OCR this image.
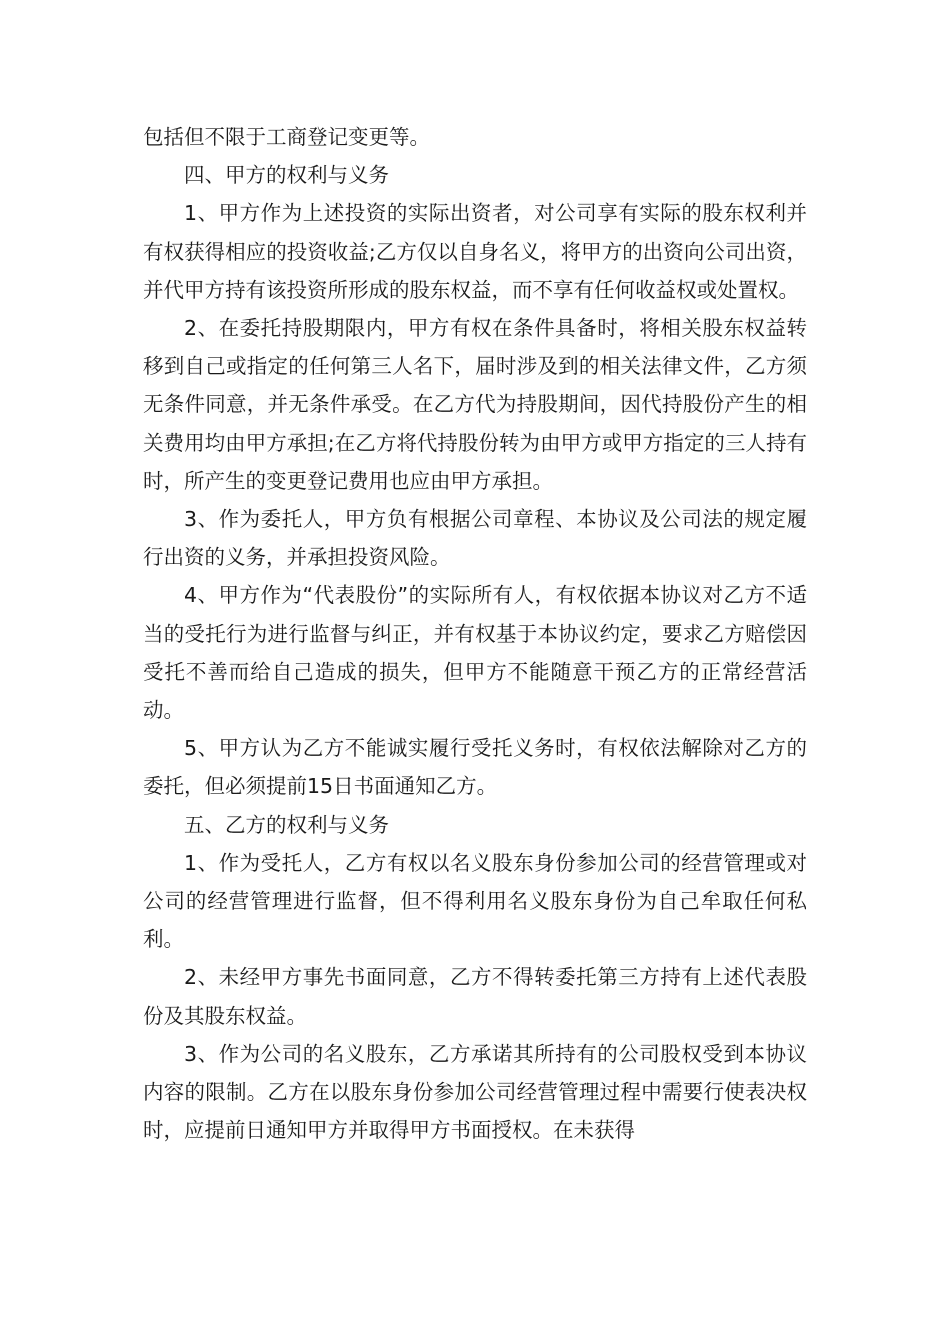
包括但不限于工商登记变更等。

四、甲方的权利与义务

1、甲方作为上述投资的实际出资者，对公司享有实际的股东权利并有权获得相应的投资收益;乙方仅以自身名义，将甲方的出资向公司出资，并代甲方持有该投资所形成的股东权益，而不享有任何收益权或处置权。

2、在委托持股期限内，甲方有权在条件具备时，将相关股东权益转移到自己或指定的任何第三人名下，届时涉及到的相关法律文件，乙方须无条件同意，并无条件承受。在乙方代为持股期间，因代持股份产生的相关费用均由甲方承担;在乙方将代持股份转为由甲方或甲方指定的三人持有时，所产生的变更登记费用也应由甲方承担。

3、作为委托人，甲方负有根据公司章程、本协议及公司法的规定履行出资的义务，并承担投资风险。

4、甲方作为“代表股份”的实际所有人，有权依据本协议对乙方不适当的受托行为进行监督与纠正，并有权基于本协议约定，要求乙方赔偿因受托不善而给自己造成的损失，但甲方不能随意干预乙方的正常经营活动。

5、甲方认为乙方不能诚实履行受托义务时，有权依法解除对乙方的委托，但必须提前15日书面通知乙方。

五、乙方的权利与义务

1、作为受托人，乙方有权以名义股东身份参加公司的经营管理或对公司的经营管理进行监督，但不得利用名义股东身份为自己牟取任何私利。

2、未经甲方事先书面同意，乙方不得转委托第三方持有上述代表股份及其股东权益。

3、作为公司的名义股东，乙方承诺其所持有的公司股权受到本协议内容的限制。乙方在以股东身份参加公司经营管理过程中需要行使表决权时，应提前日通知甲方并取得甲方书面授权。在未获得
